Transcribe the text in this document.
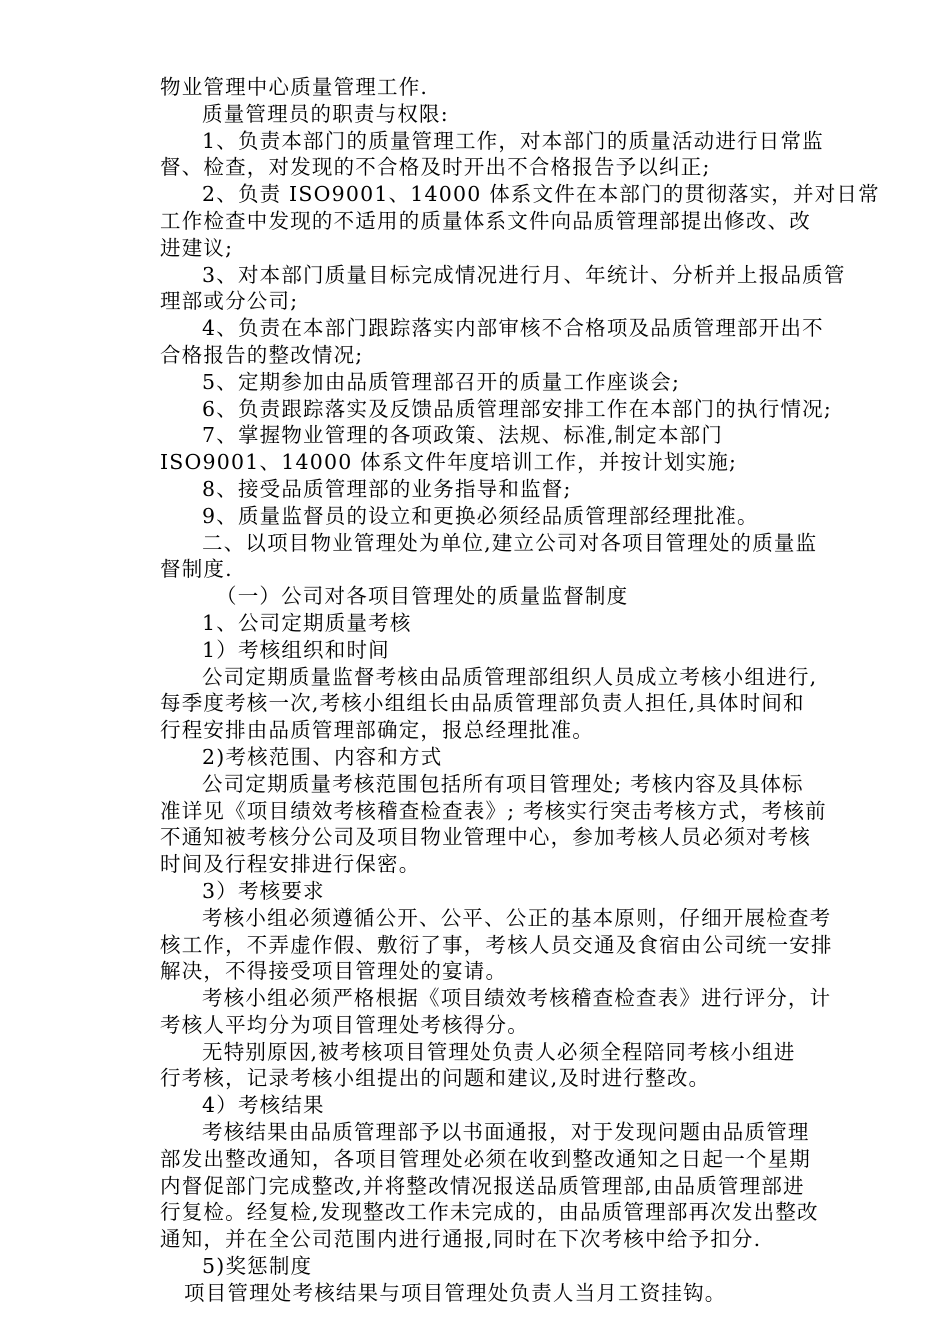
物业管理中心质量管理工作.
质量管理员的职责与权限:
1、负责本部门的质量管理工作，对本部门的质量活动进行日常监
督、检查，对发现的不合格及时开出不合格报告予以纠正;
2、负责 ISO9001、14000 体系文件在本部门的贯彻落实，并对日常
工作检查中发现的不适用的质量体系文件向品质管理部提出修改、改
进建议;
3、对本部门质量目标完成情况进行月、年统计、分析并上报品质管
理部或分公司;
4、负责在本部门跟踪落实内部审核不合格项及品质管理部开出不
合格报告的整改情况;
5、定期参加由品质管理部召开的质量工作座谈会;
6、负责跟踪落实及反馈品质管理部安排工作在本部门的执行情况;
7、掌握物业管理的各项政策、法规、标准,制定本部门
ISO9001、14000 体系文件年度培训工作，并按计划实施;
8、接受品质管理部的业务指导和监督;
9、质量监督员的设立和更换必须经品质管理部经理批准。
二、以项目物业管理处为单位,建立公司对各项目管理处的质量监
督制度.
（一）公司对各项目管理处的质量监督制度
1、公司定期质量考核
1）考核组织和时间
公司定期质量监督考核由品质管理部组织人员成立考核小组进行,
每季度考核一次,考核小组组长由品质管理部负责人担任,具体时间和
行程安排由品质管理部确定，报总经理批准。
2)考核范围、内容和方式
公司定期质量考核范围包括所有项目管理处; 考核内容及具体标
准详见《项目绩效考核稽查检查表》; 考核实行突击考核方式，考核前
不通知被考核分公司及项目物业管理中心，参加考核人员必须对考核
时间及行程安排进行保密。
3）考核要求
考核小组必须遵循公开、公平、公正的基本原则，仔细开展检查考
核工作，不弄虚作假、敷衍了事，考核人员交通及食宿由公司统一安排
解决，不得接受项目管理处的宴请。
考核小组必须严格根据《项目绩效考核稽查检查表》进行评分，计
考核人平均分为项目管理处考核得分。
无特别原因,被考核项目管理处负责人必须全程陪同考核小组进
行考核，记录考核小组提出的问题和建议,及时进行整改。
4）考核结果
考核结果由品质管理部予以书面通报，对于发现问题由品质管理
部发出整改通知，各项目管理处必须在收到整改通知之日起一个星期
内督促部门完成整改,并将整改情况报送品质管理部,由品质管理部进
行复检。经复检,发现整改工作未完成的，由品质管理部再次发出整改
通知，并在全公司范围内进行通报,同时在下次考核中给予扣分.
5)奖惩制度
项目管理处考核结果与项目管理处负责人当月工资挂钩。
